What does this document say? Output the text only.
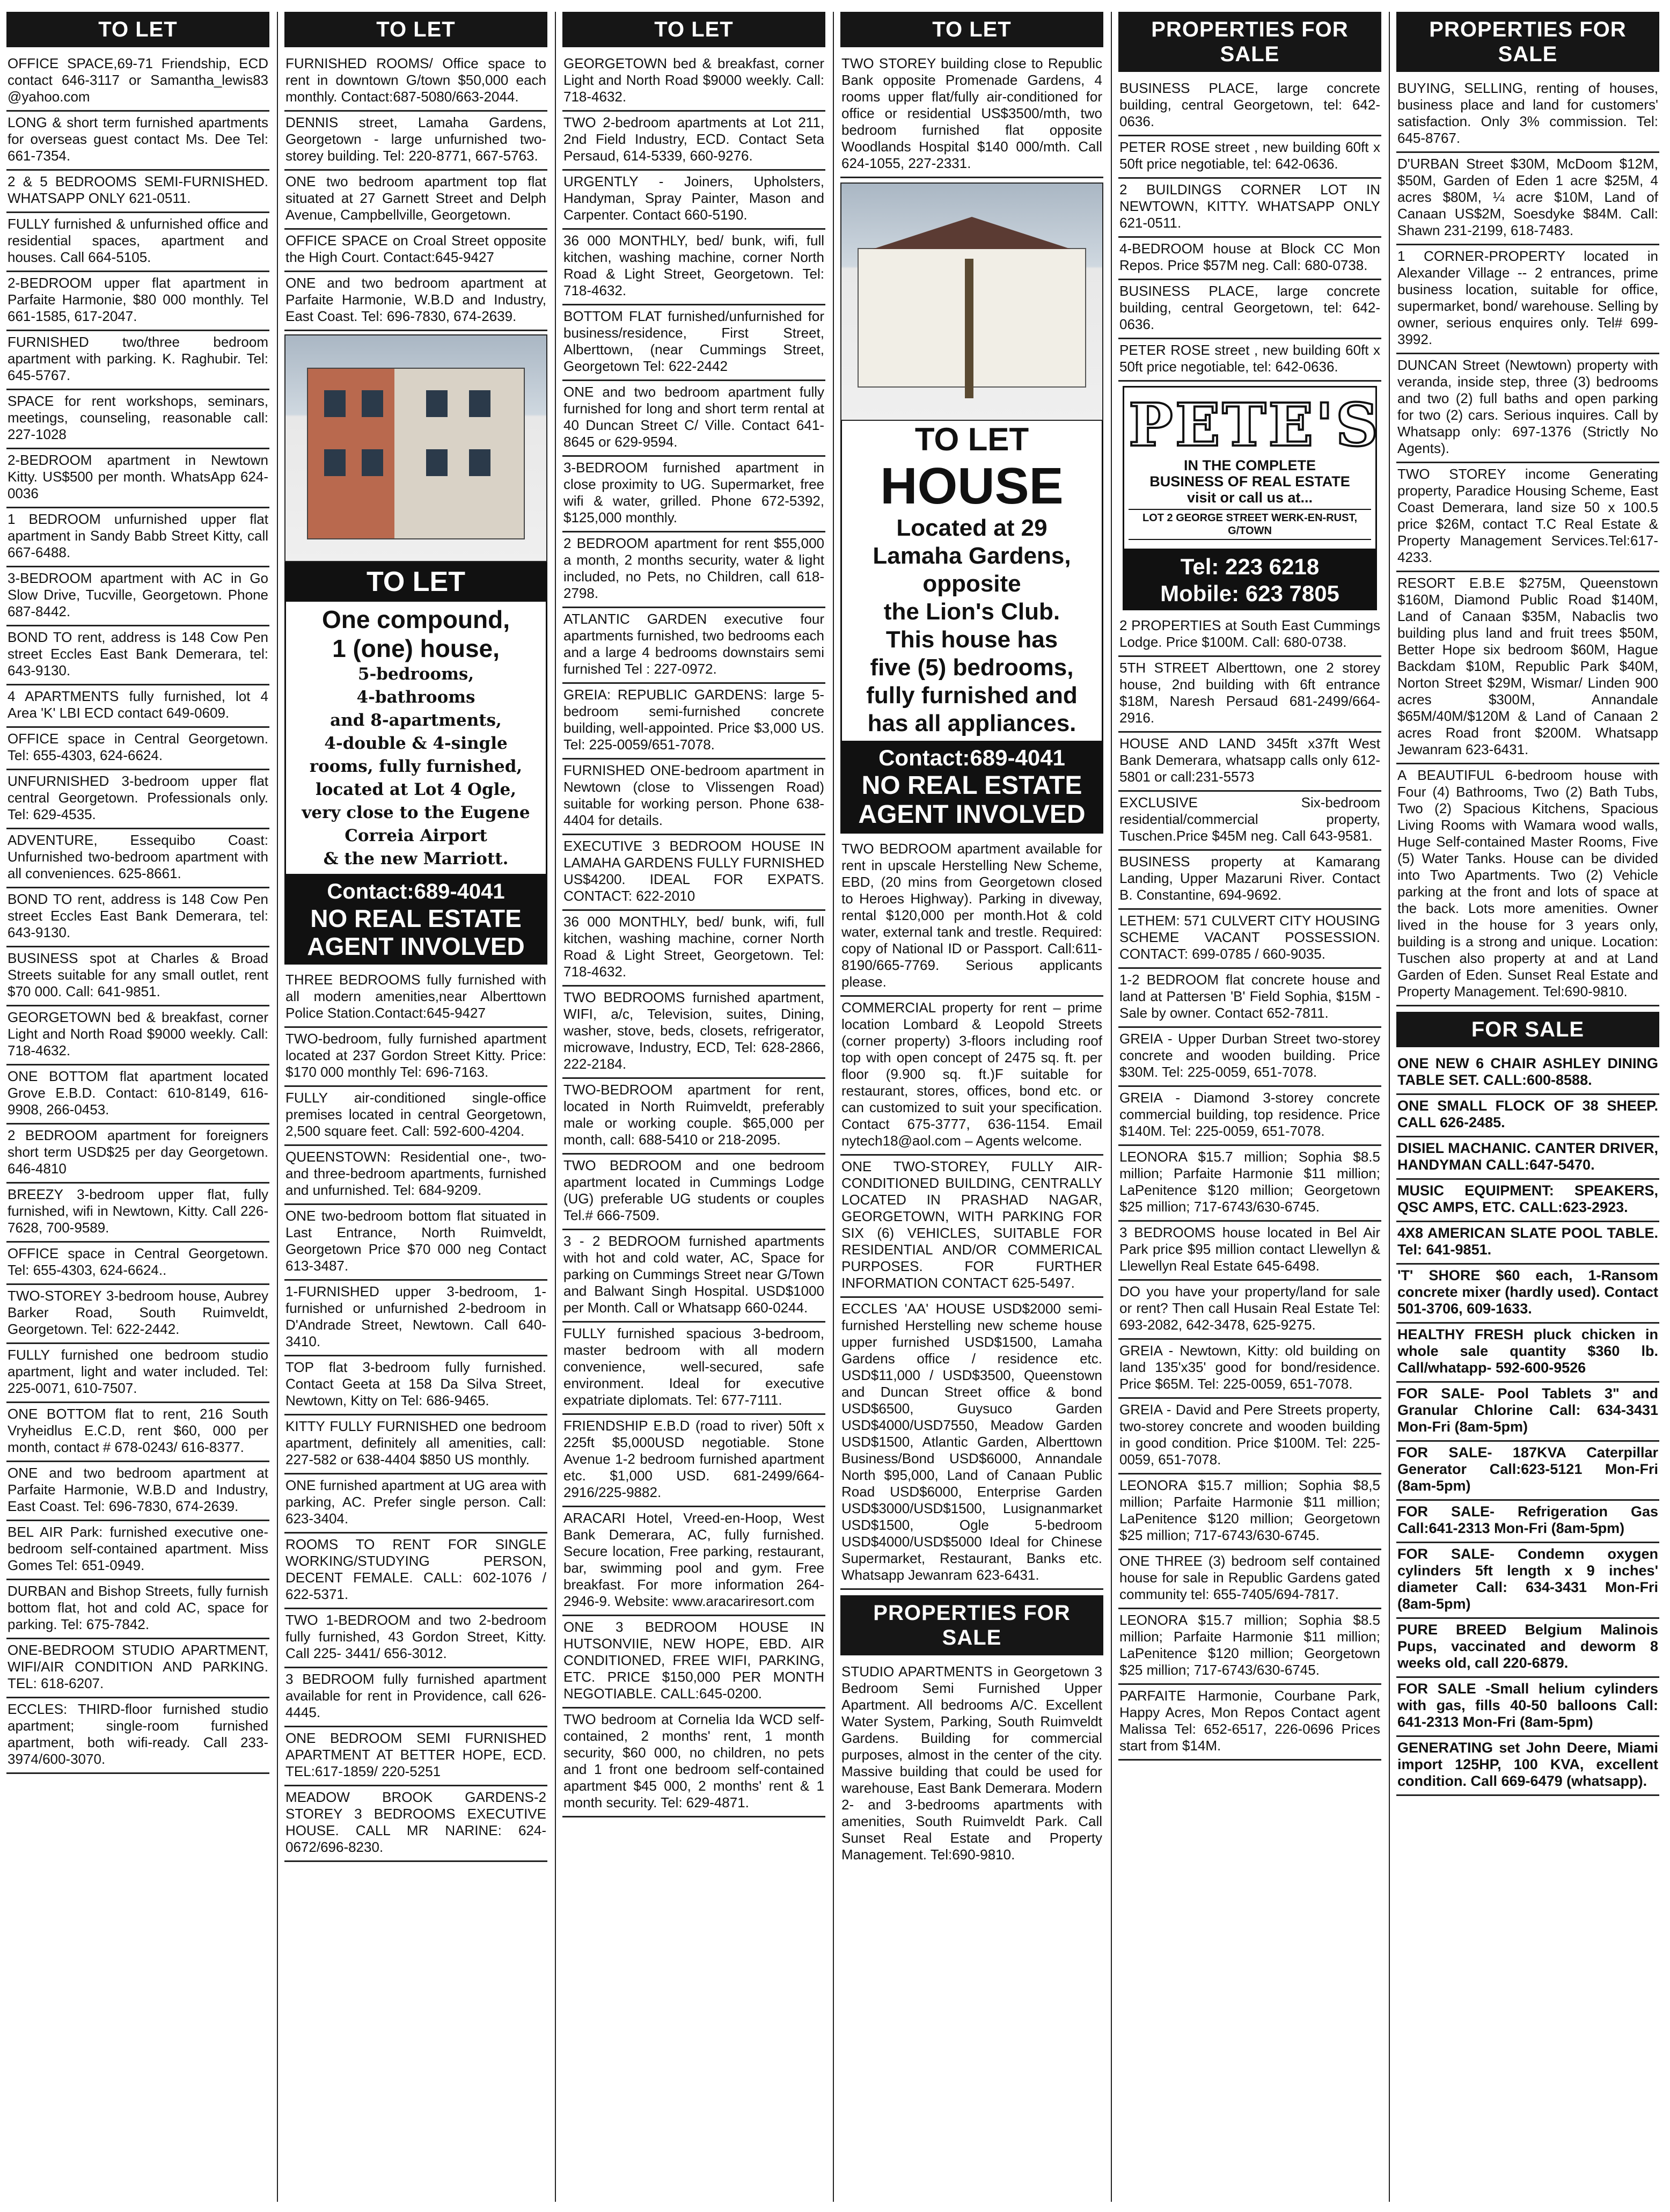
TO LET

OFFICE SPACE,69-71 Friendship, ECD contact 646-3117 or Samantha_lewis83 @yahoo.com

LONG & short term furnished apartments for overseas guest contact Ms. Dee Tel: 661-7354.

2 & 5 BEDROOMS SEMI-FURNISHED. WHATSAPP ONLY 621-0511.

FULLY furnished & unfurnished office and residential spaces, apartment and houses. Call 664-5105.

2-BEDROOM upper flat apartment in Parfaite Harmonie, $80 000 monthly. Tel 661-1585, 617-2047.

FURNISHED two/three bedroom apartment with parking. K. Raghubir. Tel: 645-5767.

SPACE for rent workshops, seminars, meetings, counseling, reasonable call: 227-1028

2-BEDROOM apartment in Newtown Kitty. US$500 per month. WhatsApp 624-0036

1 BEDROOM unfurnished upper flat apartment in Sandy Babb Street Kitty, call 667-6488.

3-BEDROOM apartment with AC in Go Slow Drive, Tucville, Georgetown. Phone 687-8442.

BOND TO rent, address is 148 Cow Pen street Eccles East Bank Demerara, tel: 643-9130.

4 APARTMENTS fully furnished, lot 4 Area 'K' LBI ECD contact 649-0609.

OFFICE space in Central Georgetown. Tel: 655-4303, 624-6624.

UNFURNISHED 3-bedroom upper flat central Georgetown. Professionals only. Tel: 629-4535.

ADVENTURE, Essequibo Coast: Unfurnished two-bedroom apartment with all conveniences. 625-8661.

BOND TO rent, address is 148 Cow Pen street Eccles East Bank Demerara, tel: 643-9130.

BUSINESS spot at Charles & Broad Streets suitable for any small outlet, rent $70 000. Call: 641-9851.

GEORGETOWN bed & breakfast, corner Light and North Road $9000 weekly. Call: 718-4632.

ONE BOTTOM flat apartment located Grove E.B.D. Contact: 610-8149, 616-9908, 266-0453.

2 BEDROOM apartment for foreigners short term USD$25 per day Georgetown. 646-4810

BREEZY 3-bedroom upper flat, fully furnished, wifi in Newtown, Kitty. Call 226-7628, 700-9589.

OFFICE space in Central Georgetown. Tel: 655-4303, 624-6624..

TWO-STOREY 3-bedroom house, Aubrey Barker Road, South Ruimveldt, Georgetown. Tel: 622-2442.

FULLY furnished one bedroom studio apartment, light and water included. Tel: 225-0071, 610-7507.

ONE BOTTOM flat to rent, 216 South Vryheidlus E.C.D, rent $60, 000 per month, contact # 678-0243/ 616-8377.

ONE and two bedroom apartment at Parfaite Harmonie, W.B.D and Industry, East Coast. Tel: 696-7830, 674-2639.

BEL AIR Park: furnished executive one-bedroom self-contained apartment. Miss Gomes Tel: 651-0949.

DURBAN and Bishop Streets, fully furnish bottom flat, hot and cold AC, space for parking. Tel: 675-7842.

ONE-BEDROOM STUDIO APARTMENT, WIFI/AIR CONDITION AND PARKING. TEL: 618-6207.

ECCLES: THIRD-floor furnished studio apartment; single-room furnished apartment, both wifi-ready. Call 233-3974/600-3070.

TO LET

FURNISHED ROOMS/ Office space to rent in downtown G/town $50,000 each monthly. Contact:687-5080/663-2044.

DENNIS street, Lamaha Gardens, Georgetown - large unfurnished two-storey building. Tel: 220-8771, 667-5763.

ONE two bedroom apartment top flat situated at 27 Garnett Street and Delph Avenue, Campbellville, Georgetown.

OFFICE SPACE on Croal Street opposite the High Court. Contact:645-9427

ONE and two bedroom apartment at Parfaite Harmonie, W.B.D and Industry, East Coast. Tel: 696-7830, 674-2639.

TO LET
One compound,
1 (one) house,
5-bedrooms,
4-bathrooms
and 8-apartments,
4-double & 4-single
rooms, fully furnished,
located at Lot 4 Ogle,
very close to the Eugene
Correia Airport
& the new Marriott.
Contact:689-4041
NO REAL ESTATE AGENT INVOLVED

THREE BEDROOMS fully furnished with all modern amenities,near Alberttown Police Station.Contact:645-9427

TWO-bedroom, fully furnished apartment located at 237 Gordon Street Kitty. Price: $170 000 monthly Tel: 696-7163.

FULLY air-conditioned single-office premises located in central Georgetown, 2,500 square feet. Call: 592-600-4204.

QUEENSTOWN: Residential one-, two- and three-bedroom apartments, furnished and unfurnished. Tel: 684-9209.

ONE two-bedroom bottom flat situated in Last Entrance, North Ruimveldt, Georgetown Price $70 000 neg Contact 613-3487.

1-FURNISHED upper 3-bedroom, 1-furnished or unfurnished 2-bedroom in D'Andrade Street, Newtown. Call 640-3410.

TOP flat 3-bedroom fully furnished. Contact Geeta at 158 Da Silva Street, Newtown, Kitty on Tel: 686-9465.

KITTY FULLY FURNISHED one bedroom apartment, definitely all amenities, call: 227-582 or 638-4404 $850 US monthly.

ONE furnished apartment at UG area with parking, AC. Prefer single person. Call: 623-3404.

ROOMS TO RENT FOR SINGLE WORKING/STUDYING PERSON, DECENT FEMALE. CALL: 602-1076 / 622-5371.

TWO 1-BEDROOM and two 2-bedroom fully furnished, 43 Gordon Street, Kitty. Call 225- 3441/ 656-3012.

3 BEDROOM fully furnished apartment available for rent in Providence, call 626-4445.

ONE BEDROOM SEMI FURNISHED APARTMENT AT BETTER HOPE, ECD. TEL:617-1859/ 220-5251

MEADOW BROOK GARDENS-2 STOREY 3 BEDROOMS EXECUTIVE HOUSE. CALL MR NARINE: 624-0672/696-8230.

TO LET

GEORGETOWN bed & breakfast, corner Light and North Road $9000 weekly. Call: 718-4632.

TWO 2-bedroom apartments at Lot 211, 2nd Field Industry, ECD. Contact Seta Persaud, 614-5339, 660-9276.

URGENTLY - Joiners, Upholsters, Handyman, Spray Painter, Mason and Carpenter. Contact 660-5190.

36 000 MONTHLY, bed/ bunk, wifi, full kitchen, washing machine, corner North Road & Light Street, Georgetown. Tel: 718-4632.

BOTTOM FLAT furnished/unfurnished for business/residence, First Street, Alberttown, (near Cummings Street, Georgetown Tel: 622-2442

ONE and two bedroom apartment fully furnished for long and short term rental at 40 Duncan Street C/ Ville. Contact 641-8645 or 629-9594.

3-BEDROOM furnished apartment in close proximity to UG. Supermarket, free wifi & water, grilled. Phone 672-5392, $125,000 monthly.

2 BEDROOM apartment for rent $55,000 a month, 2 months security, water & light included, no Pets, no Children, call 618-2798.

ATLANTIC GARDEN executive four apartments furnished, two bedrooms each and a large 4 bedrooms downstairs semi furnished Tel : 227-0972.

GREIA: REPUBLIC GARDENS: large 5-bedroom semi-furnished concrete building, well-appointed. Price $3,000 US. Tel: 225-0059/651-7078.

FURNISHED ONE-bedroom apartment in Newtown (close to Vlissengen Road) suitable for working person. Phone 638-4404 for details.

EXECUTIVE 3 BEDROOM HOUSE IN LAMAHA GARDENS FULLY FURNISHED US$4200. IDEAL FOR EXPATS. CONTACT: 622-2010

36 000 MONTHLY, bed/ bunk, wifi, full kitchen, washing machine, corner North Road & Light Street, Georgetown. Tel: 718-4632.

TWO BEDROOMS furnished apartment, WIFI, a/c, Television, suites, Dining, washer, stove, beds, closets, refrigerator, microwave, Industry, ECD, Tel: 628-2866, 222-2184.

TWO-BEDROOM apartment for rent, located in North Ruimveldt, preferably male or working couple. $65,000 per month, call: 688-5410 or 218-2095.

TWO BEDROOM and one bedroom apartment located in Cummings Lodge (UG) preferable UG students or couples Tel.# 666-7509.

3 - 2 BEDROOM furnished apartments with hot and cold water, AC, Space for parking on Cummings Street near G/Town and Balwant Singh Hospital. USD$1000 per Month. Call or Whatsapp 660-0244.

FULLY furnished spacious 3-bedroom, master bedroom with all modern convenience, well-secured, safe environment. Ideal for executive expatriate diplomats. Tel: 677-7111.

FRIENDSHIP E.B.D (road to river) 50ft x 225ft $5,000USD negotiable. Stone Avenue 1-2 bedroom furnished apartment etc. $1,000 USD. 681-2499/664-2916/225-9882.

ARACARI Hotel, Vreed-en-Hoop, West Bank Demerara, AC, fully furnished. Secure location, Free parking, restaurant, bar, swimming pool and gym. Free breakfast. For more information 264-2946-9. Website: www.aracariresort.com

ONE 3 BEDROOM HOUSE IN HUTSONVIIE, NEW HOPE, EBD. AIR CONDITIONED, FREE WIFI, PARKING, ETC. PRICE $150,000 PER MONTH NEGOTIABLE. CALL:645-0200.

TWO bedroom at Cornelia Ida WCD self-contained, 2 months' rent, 1 month security, $60 000, no children, no pets and 1 front one bedroom self-contained apartment $45 000, 2 months' rent & 1 month security. Tel: 629-4871.

TO LET

TWO STOREY building close to Republic Bank opposite Promenade Gardens, 4 rooms upper flat/fully air-conditioned for office or residential US$3500/mth, two bedroom furnished flat opposite Woodlands Hospital $140 000/mth. Call 624-1055, 227-2331.

TO LET
HOUSE
Located at 29
Lamaha Gardens,
opposite
the Lion's Club.
This house has
five (5) bedrooms,
fully furnished and
has all appliances.
Contact:689-4041
NO REAL ESTATE AGENT INVOLVED

TWO BEDROOM apartment available for rent in upscale Herstelling New Scheme, EBD, (20 mins from Georgetown closed to Heroes Highway). Parking in diveway, rental $120,000 per month.Hot & cold water, external tank and trestle. Required: copy of National ID or Passport. Call:611-8190/665-7769. Serious applicants please.

COMMERCIAL property for rent – prime location Lombard & Leopold Streets (corner property) 3-floors including roof top with open concept of 2475 sq. ft. per floor (9.900 sq. ft.)F suitable for restaurant, stores, offices, bond etc. or can customized to suit your specification. Contact 675-3777, 636-1154. Email nytech18@aol.com – Agents welcome.

ONE TWO-STOREY, FULLY AIR-CONDITIONED BUILDING, CENTRALLY LOCATED IN PRASHAD NAGAR, GEORGETOWN, WITH PARKING FOR SIX (6) VEHICLES, SUITABLE FOR RESIDENTIAL AND/OR COMMERICAL PURPOSES. FOR FURTHER INFORMATION CONTACT 625-5497.

ECCLES 'AA' HOUSE USD$2000 semi- furnished Herstelling new scheme house upper furnished USD$1500, Lamaha Gardens office / residence etc. USD$11,000 / USD$3500, Queenstown and Duncan Street office & bond USD$6500, Guysuco Garden USD$4000/USD7550, Meadow Garden USD$1500, Atlantic Garden, Alberttown Business/Bond USD$6000, Annandale North $95,000, Land of Canaan Public Road USD$6000, Enterprise Garden USD$3000/USD$1500, Lusignanmarket USD$1500, Ogle 5-bedroom USD$4000/USD$5000 Ideal for Chinese Supermarket, Restaurant, Banks etc. Whatsapp Jewanram 623-6431.

PROPERTIES FOR SALE

STUDIO APARTMENTS in Georgetown 3 Bedroom Semi Furnished Upper Apartment. All bedrooms A/C. Excellent Water System, Parking, South Ruimveldt Gardens. Building for commercial purposes, almost in the center of the city. Massive building that could be used for warehouse, East Bank Demerara. Modern 2- and 3-bedrooms apartments with amenities, South Ruimveldt Park. Call Sunset Real Estate and Property Management. Tel:690-9810.

PROPERTIES FOR SALE

BUSINESS PLACE, large concrete building, central Georgetown, tel: 642-0636.

PETER ROSE street , new building 60ft x 50ft price negotiable, tel: 642-0636.

2 BUILDINGS CORNER LOT IN NEWTOWN, KITTY. WHATSAPP ONLY 621-0511.

4-BEDROOM house at Block CC Mon Repos. Price $57M neg. Call: 680-0738.

BUSINESS PLACE, large concrete building, central Georgetown, tel: 642-0636.

PETER ROSE street , new building 60ft x 50ft price negotiable, tel: 642-0636.

PETE'S
IN THE COMPLETE
BUSINESS OF REAL ESTATE
visit or call us at...
LOT 2 GEORGE STREET WERK-EN-RUST, G/TOWN
Tel: 223 6218
Mobile: 623 7805

2 PROPERTIES at South East Cummings Lodge. Price $100M. Call: 680-0738.

5TH STREET Alberttown, one 2 storey house, 2nd building with 6ft entrance $18M, Naresh Persaud 681-2499/664-2916.

HOUSE AND LAND 345ft x37ft West Bank Demerara, whatsapp calls only 612-5801 or call:231-5573

EXCLUSIVE Six-bedroom residential/commercial property, Tuschen.Price $45M neg. Call 643-9581.

BUSINESS property at Kamarang Landing, Upper Mazaruni River. Contact B. Constantine, 694-9692.

LETHEM: 571 CULVERT CITY HOUSING SCHEME VACANT POSSESSION. CONTACT: 699-0785 / 660-9035.

1-2 BEDROOM flat concrete house and land at Pattersen 'B' Field Sophia, $15M - Sale by owner. Contact 652-7811.

GREIA - Upper Durban Street two-storey concrete and wooden building. Price $30M. Tel: 225-0059, 651-7078.

GREIA - Diamond 3-storey concrete commercial building, top residence. Price $140M. Tel: 225-0059, 651-7078.

LEONORA $15.7 million; Sophia $8.5 million; Parfaite Harmonie $11 million; LaPenitence $120 million; Georgetown $25 million; 717-6743/630-6745.

3 BEDROOMS house located in Bel Air Park price $95 million contact Llewellyn & Llewellyn Real Estate 645-6498.

DO you have your property/land for sale or rent? Then call Husain Real Estate Tel: 693-2082, 642-3478, 625-9275.

GREIA - Newtown, Kitty: old building on land 135'x35' good for bond/residence. Price $65M. Tel: 225-0059, 651-7078.

GREIA - David and Pere Streets property, two-storey concrete and wooden building in good condition. Price $100M. Tel: 225-0059, 651-7078.

LEONORA $15.7 million; Sophia $8,5 million; Parfaite Harmonie $11 million; LaPenitence $120 million; Georgetown $25 million; 717-6743/630-6745.

ONE THREE (3) bedroom self contained house for sale in Republic Gardens gated community tel: 655-7405/694-7817.

LEONORA $15.7 million; Sophia $8.5 million; Parfaite Harmonie $11 million; LaPenitence $120 million; Georgetown $25 million; 717-6743/630-6745.

PARFAITE Harmonie, Courbane Park, Happy Acres, Mon Repos Contact agent Malissa Tel: 652-6517, 226-0696 Prices start from $14M.

PROPERTIES FOR SALE

BUYING, SELLING, renting of houses, business place and land for customers' satisfaction. Only 3% commission. Tel: 645-8767.

D'URBAN Street $30M, McDoom $12M, $50M, Garden of Eden 1 acre $25M, 4 acres $80M, ¼ acre $10M, Land of Canaan US$2M, Soesdyke $84M. Call: Shawn 231-2199, 618-7483.

1 CORNER-PROPERTY located in Alexander Village -- 2 entrances, prime business location, suitable for office, supermarket, bond/ warehouse. Selling by owner, serious enquires only. Tel# 699-3992.

DUNCAN Street (Newtown) property with veranda, inside step, three (3) bedrooms and two (2) full baths and open parking for two (2) cars. Serious inquires. Call by Whatsapp only: 697-1376 (Strictly No Agents).

TWO STOREY income Generating property, Paradice Housing Scheme, East Coast Demerara, land size 50 x 100.5 price $26M, contact T.C Real Estate & Property Management Services.Tel:617-4233.

RESORT E.B.E $275M, Queenstown $160M, Diamond Public Road $140M, Land of Canaan $35M, Nabaclis two building plus land and fruit trees $50M, Better Hope six bedroom $60M, Hague Backdam $10M, Republic Park $40M, Norton Street $29M, Wismar/ Linden 900 acres $300M, Annandale $65M/40M/$120M & Land of Canaan 2 acres Road front $200M. Whatsapp Jewanram 623-6431.

A BEAUTIFUL 6-bedroom house with Four (4) Bathrooms, Two (2) Bath Tubs, Two (2) Spacious Kitchens, Spacious Living Rooms with Wamara wood walls, Huge Self-contained Master Rooms, Five (5) Water Tanks. House can be divided into Two Apartments. Two (2) Vehicle parking at the front and lots of space at the back. Lots more amenities. Owner lived in the house for 3 years only, building is a strong and unique. Location: Tuschen also property at and at Land Garden of Eden. Sunset Real Estate and Property Management. Tel:690-9810.

FOR SALE

ONE NEW 6 CHAIR ASHLEY DINING TABLE SET. CALL:600-8588.

ONE SMALL FLOCK OF 38 SHEEP. CALL 626-2485.

DISIEL MACHANIC. CANTER DRIVER, HANDYMAN CALL:647-5470.

MUSIC EQUIPMENT: SPEAKERS, QSC AMPS, ETC. CALL:623-2923.

4X8 AMERICAN SLATE POOL TABLE. Tel: 641-9851.

'T' SHORE $60 each, 1-Ransom concrete mixer (hardly used). Contact 501-3706, 609-1633.

HEALTHY FRESH pluck chicken in whole sale quantity $360 lb. Call/whatapp- 592-600-9526

FOR SALE- Pool Tablets 3" and Granular Chlorine Call: 634-3431 Mon-Fri (8am-5pm)

FOR SALE- 187KVA Caterpillar Generator Call:623-5121 Mon-Fri (8am-5pm)

FOR SALE- Refrigeration Gas Call:641-2313 Mon-Fri (8am-5pm)

FOR SALE- Condemn oxygen cylinders 5ft length x 9 inches' diameter Call: 634-3431 Mon-Fri (8am-5pm)

PURE BREED Belgium Malinois Pups, vaccinated and deworm 8 weeks old, call 220-6879.

FOR SALE -Small helium cylinders with gas, fills 40-50 balloons Call: 641-2313 Mon-Fri (8am-5pm)

GENERATING set John Deere, Miami import 125HP, 100 KVA, excellent condition. Call 669-6479 (whatsapp).
